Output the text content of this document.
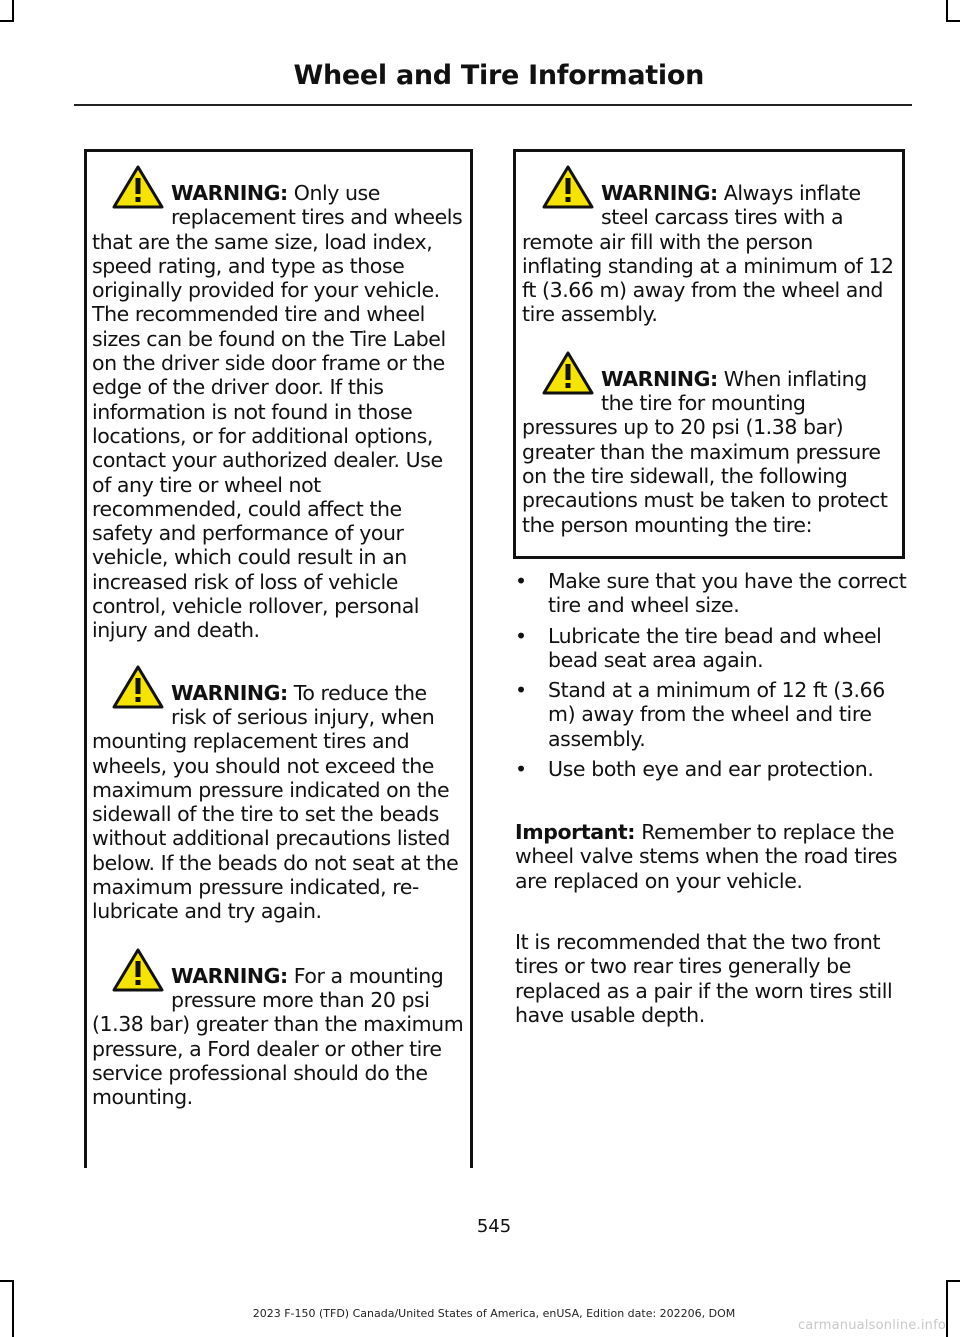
Wheel and Tire Information
WARNING: Only use replacement tires and wheels that are the same size, load index, speed rating, and type as those originally provided for your vehicle. The recommended tire and wheel sizes can be found on the Tire Label on the driver side door frame or the edge of the driver door. If this information is not found in those locations, or for additional options, contact your authorized dealer. Use of any tire or wheel not recommended, could affect the safety and performance of your vehicle, which could result in an increased risk of loss of vehicle control, vehicle rollover, personal injury and death.
WARNING: To reduce the risk of serious injury, when mounting replacement tires and wheels, you should not exceed the maximum pressure indicated on the sidewall of the tire to set the beads without additional precautions listed below. If the beads do not seat at the maximum pressure indicated, re-lubricate and try again.
WARNING: For a mounting pressure more than 20 psi (1.38 bar) greater than the maximum pressure, a Ford dealer or other tire service professional should do the mounting.
WARNING: Always inflate steel carcass tires with a remote air fill with the person inflating standing at a minimum of 12 ft (3.66 m) away from the wheel and tire assembly.
WARNING: When inflating the tire for mounting pressures up to 20 psi (1.38 bar) greater than the maximum pressure on the tire sidewall, the following precautions must be taken to protect the person mounting the tire:
• Make sure that you have the correct tire and wheel size.
• Lubricate the tire bead and wheel bead seat area again.
• Stand at a minimum of 12 ft (3.66 m) away from the wheel and tire assembly.
• Use both eye and ear protection.

Important: Remember to replace the wheel valve stems when the road tires are replaced on your vehicle.

It is recommended that the two front tires or two rear tires generally be replaced as a pair if the worn tires still have usable depth.

545
2023 F-150 (TFD) Canada/United States of America, enUSA, Edition date: 202206, DOM
carmanualsonline.info
